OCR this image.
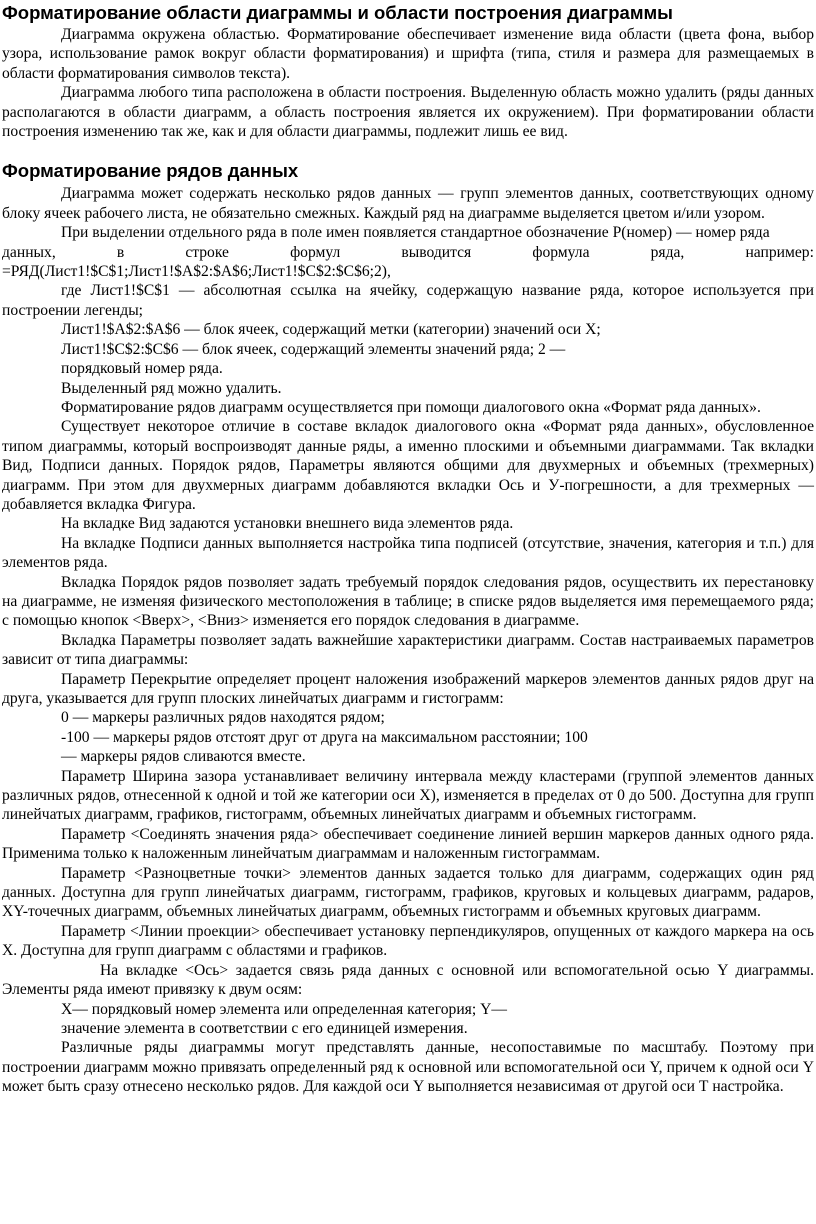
Форматирование области диаграммы и области построения диаграммы

Диаграмма окружена областью. Форматирование обеспечивает изменение вида области (цвета фона, выбор узора, использование рамок вокруг области форматирования) и шрифта (типа, стиля и размера для размещаемых в области форматирования символов текста).

Диаграмма любого типа расположена в области построения. Выделенную область можно удалить (ряды данных располагаются в области диаграмм, а область построения является их окружением). При форматировании области построения изменению так же, как и для области диаграммы, подлежит лишь ее вид.

Форматирование рядов данных

Диаграмма может содержать несколько рядов данных — групп элементов данных, соответствующих одному блоку ячеек рабочего листа, не обязательно смежных. Каждый ряд на диаграмме выделяется цветом и/или узором.

При выделении отдельного ряда в поле имен появляется стандартное обозначение Р(номер) — номер ряда

данных,	в	строке	формул	выводится	формула	ряда,	например:

=РЯД(Лист1!$С$1;Лист1!$А$2:$А$6;Лист1!$С$2:$С$6;2),

где Лист1!$С$1 — абсолютная ссылка на ячейку, содержащую название ряда, которое используется при построении легенды;

Лист1!$А$2:$А$6 — блок ячеек, содержащий метки (категории) значений оси X;

Лист1!$С$2:$С$6 — блок ячеек, содержащий элементы значений ряда; 2 —

порядковый номер ряда.

Выделенный ряд можно удалить.

Форматирование рядов диаграмм осуществляется при помощи диалогового окна «Формат ряда данных».

Существует некоторое отличие в составе вкладок диалогового окна «Формат ряда данных», обусловленное типом диаграммы, который воспроизводят данные ряды, а именно плоскими и объемными диаграммами. Так вкладки Вид, Подписи данных. Порядок рядов, Параметры являются общими для двухмерных и объемных (трехмерных) диаграмм. При этом для двухмерных диаграмм добавляются вкладки Ось и У-погрешности, а для трехмерных — добавляется вкладка Фигура.

На вкладке Вид задаются установки внешнего вида элементов ряда.

На вкладке Подписи данных выполняется настройка типа подписей (отсутствие, значения, категория и т.п.) для элементов ряда.

Вкладка Порядок рядов позволяет задать требуемый порядок следования рядов, осуществить их перестановку на диаграмме, не изменяя физического местоположения в таблице; в списке рядов выделяется имя перемещаемого ряда; с помощью кнопок <Вверх>, <Вниз> изменяется его порядок следования в диаграмме.

Вкладка Параметры позволяет задать важнейшие характеристики диаграмм. Состав настраиваемых параметров зависит от типа диаграммы:

Параметр Перекрытие определяет процент наложения изображений маркеров элементов данных рядов друг на друга, указывается для групп плоских линейчатых диаграмм и гистограмм:

0 — маркеры различных рядов находятся рядом;

-100 — маркеры рядов отстоят друг от друга на максимальном расстоянии; 100

— маркеры рядов сливаются вместе.

Параметр Ширина зазора устанавливает величину интервала между кластерами (группой элементов данных различных рядов, отнесенной к одной и той же категории оси X), изменяется в пределах от 0 до 500. Доступна для групп линейчатых диаграмм, графиков, гистограмм, объемных линейчатых диаграмм и объемных гистограмм.

Параметр <Соединять значения ряда> обеспечивает соединение линией вершин маркеров данных одного ряда. Применима только к наложенным линейчатым диаграммам и наложенным гистограммам.

Параметр <Разноцветные точки> элементов данных задается только для диаграмм, содержащих один ряд данных. Доступна для групп линейчатых диаграмм, гистограмм, графиков, круговых и кольцевых диаграмм, радаров, XY-точечных диаграмм, объемных линейчатых диаграмм, объемных гистограмм и объемных круговых диаграмм.

Параметр <Линии проекции> обеспечивает установку перпендикуляров, опущенных от каждого маркера на ось X. Доступна для групп диаграмм с областями и графиков.

На вкладке <Ось> задается связь ряда данных с основной или вспомогательной осью Y диаграммы. Элементы ряда имеют привязку к двум осям:

X— порядковый номер элемента или определенная категория; Y—

значение элемента в соответствии с его единицей измерения.

Различные ряды диаграммы могут представлять данные, несопоставимые по масштабу. Поэтому при построении диаграмм можно привязать определенный ряд к основной или вспомогательной оси Y, причем к одной оси Y может быть сразу отнесено несколько рядов. Для каждой оси Y выполняется независимая от другой оси Т настройка.
